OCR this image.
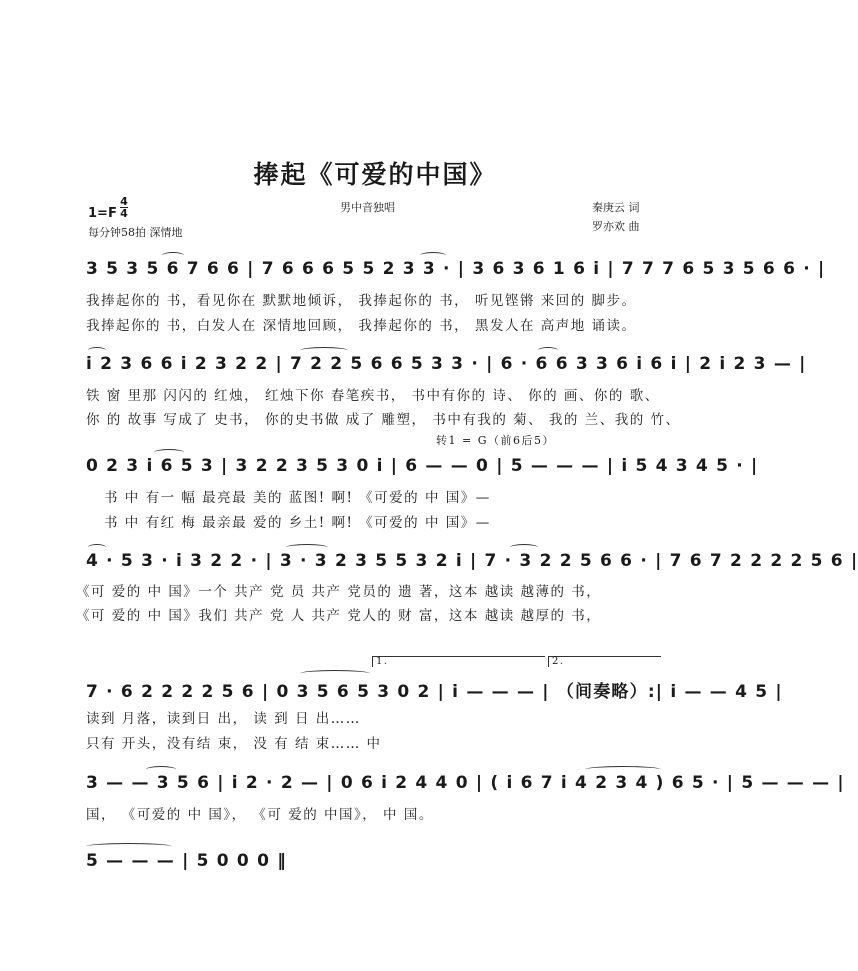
捧起《可爱的中国》
1=F
4
4
每分钟58拍 深情地
男中音独唱	秦庚云 词
罗亦欢 曲
3 5 3 5 6 7 6 6 | 7 6 6 6 5 5 2 3 3 · | 3 6 3 6 1 6 i | 7 7 7 6 5 3 5 6 6 · |
我捧起你的 书，看见你在 默默地倾诉， 我捧起你的 书， 听见铿锵 来回的 脚步。
我捧起你的 书，白发人在 深情地回顾， 我捧起你的 书， 黑发人在 高声地 诵读。
i 2 3 6 6 i 2 3 2 2 | 7 2 2 5 6 6 5 3 3 · | 6 · 6 6 3 3 6 i 6 i | 2 i 2 3 — |
铁 窗 里那 闪闪的 红烛， 红烛下你 春笔疾书， 书中有你的 诗、 你的 画、你的 歌、
你 的 故事 写成了 史书， 你的史书做 成了 雕塑， 书中有我的 菊、 我的 兰、我的 竹、
转1 = G（前6后5）
0 2 3 i 6 5 3 | 3 2 2 3 5 3 0 i | 6 — — 0 | 5 — — — | i 5 4 3 4 5 · |
书 中 有一 幅 最亮最 美的 蓝图! 啊! 《可爱的 中 国》—
书 中 有红 梅 最亲最 爱的 乡土! 啊! 《可爱的 中 国》—
4 · 5 3 · i 3 2 2 · | 3 · 3 2 3 5 5 3 2 i | 7 · 3 2 2 5 6 6 · | 7 6 7 2 2 2 2 5 6 |
《可 爱的 中 国》一个 共产 党 员 共产 党员的 遗 著，这本 越读 越薄的 书，
《可 爱的 中 国》我们 共产 党 人 共产 党人的 财 富，这本 越读 越厚的 书，
1.	2.
7 · 6 2 2 2 2 5 6 | 0 3 5 6 5 3 0 2 | i — — — | （间奏略）:| i — — 4 5 |
读到 月落，读到日 出， 读 到 日 出……
只有 开头，没有结 束， 没 有 结 束…… 中
3 — — 3 5 6 | i 2 · 2 — | 0 6 i 2 4 4 0 | ( i 6 7 i 4 2 3 4 ) 6 5 · | 5 — — — |
国， 《可爱的 中 国》， 《可 爱的 中国》， 中 国。
5 — — — | 5 0 0 0 ‖
